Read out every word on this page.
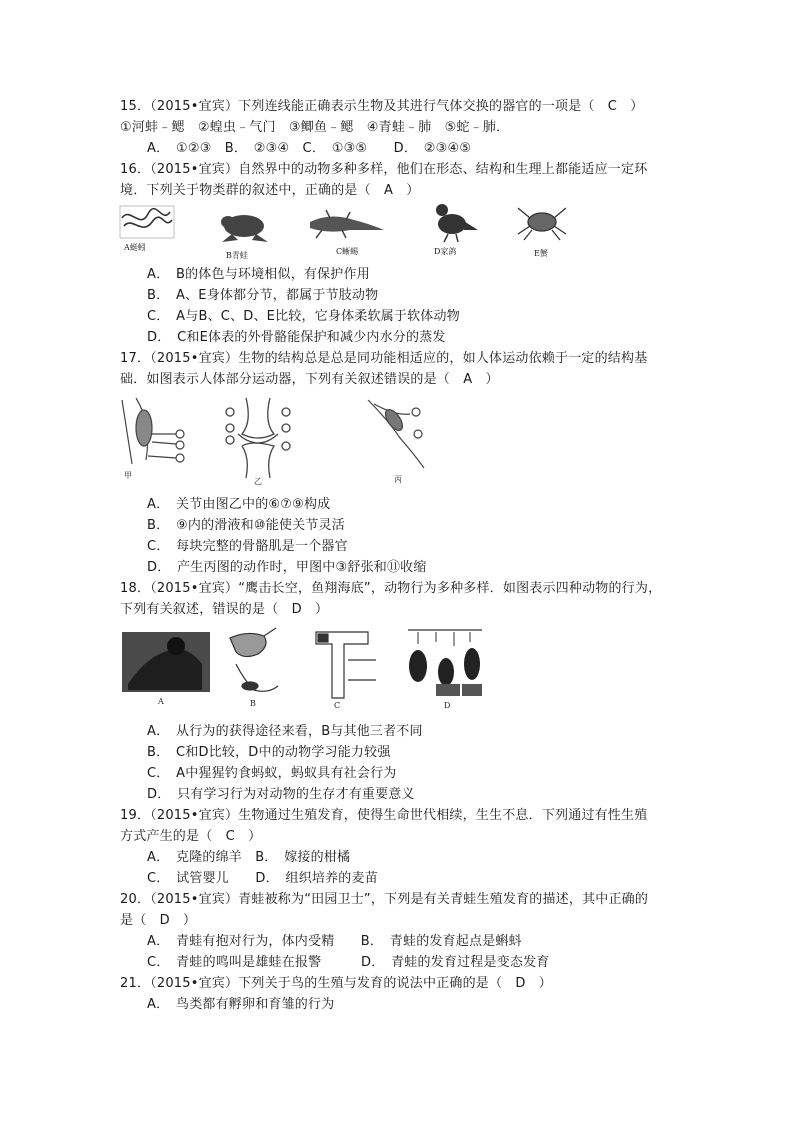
15．（2015•宜宾）下列连线能正确表示生物及其进行气体交换的器官的一项是（　C　）
①河蚌﹣鳃　②蝗虫﹣气门　③鲫鱼﹣鳃　④青蛙﹣肺　⑤蛇﹣肺．
A．　①②③　B．　②③④　C．　①③⑤　　D．　②③④⑤
16．（2015•宜宾）自然界中的动物多种多样，他们在形态、结构和生理上都能适应一定环
境．下列关于物类群的叙述中，正确的是（　A　）
A蜓蚓
B青蛙	C蜥蜴	D家鸽	E蟹
A．　B的体色与环境相似，有保护作用
B．　A、E身体都分节，都属于节肢动物
C．　A与B、C、D、E比较，它身体柔软属于软体动物
D．　C和E体表的外骨骼能保护和减少内水分的蒸发
17．（2015•宜宾）生物的结构总是总是同功能相适应的，如人体运动依赖于一定的结构基
础．如图表示人体部分运动器，下列有关叙述错误的是（　A　）
甲
乙	丙
A．　关节由图乙中的⑥⑦⑨构成
B．　⑨内的滑液和⑩能使关节灵活
C．　每块完整的骨骼肌是一个器官
D．　产生丙图的动作时，甲图中③舒张和⑪收缩
18．（2015•宜宾）“鹰击长空，鱼翔海底”，动物行为多种多样．如图表示四种动物的行为，
下列有关叙述，错误的是（　D　）
A	B	C	D
A．　从行为的获得途径来看，B与其他三者不同
B．　C和D比较，D中的动物学习能力较强
C．　A中猩猩钓食蚂蚁，蚂蚁具有社会行为
D．　只有学习行为对动物的生存才有重要意义
19．（2015•宜宾）生物通过生殖发育，使得生命世代相续，生生不息．下列通过有性生殖
方式产生的是（　C　）
A．　克隆的绵羊　B．　嫁接的柑橘
C．　试管婴儿　　D．　组织培养的麦苗
20．（2015•宜宾）青蛙被称为“田园卫士”，下列是有关青蛙生殖发育的描述，其中正确的
是（　D　）
A．　青蛙有抱对行为，体内受精　　B．　青蛙的发育起点是蝌蚪
C．　青蛙的鸣叫是雄蛙在报警　　　D．　青蛙的发育过程是变态发育
21．（2015•宜宾）下列关于鸟的生殖与发育的说法中正确的是（　D　）
A．　鸟类都有孵卵和育雏的行为
